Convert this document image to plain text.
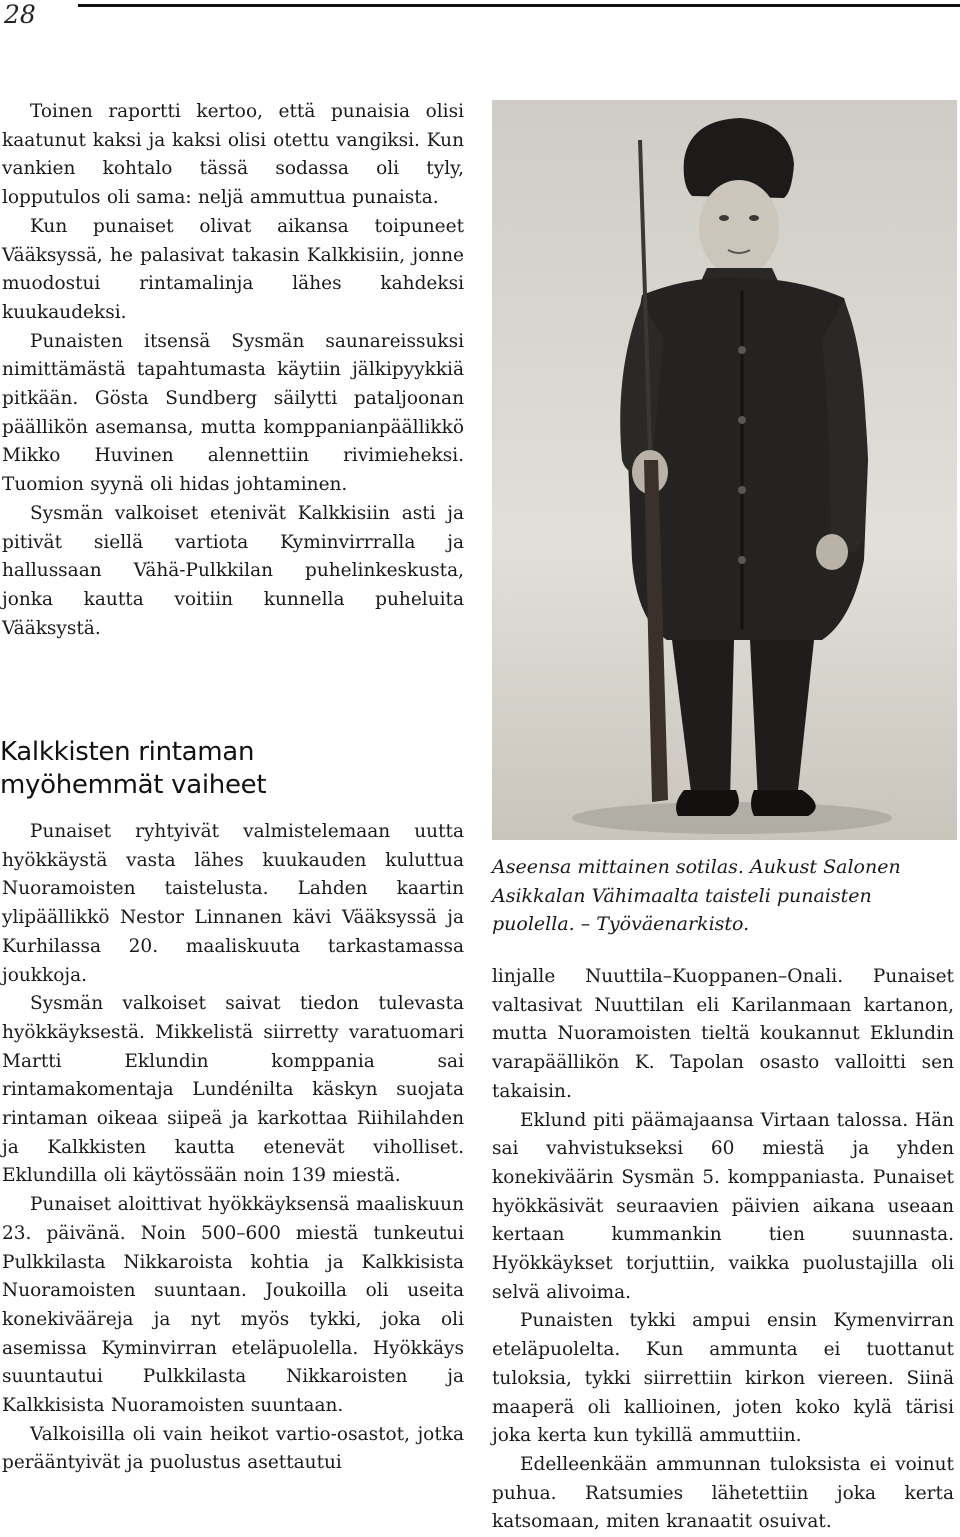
28

Toinen raportti kertoo, että punaisia olisi kaatunut kaksi ja kaksi olisi otettu vangiksi. Kun vankien kohtalo tässä sodassa oli tyly, lopputulos oli sama: neljä ammuttua punaista.

Kun punaiset olivat aikansa toipuneet Vääksyssä, he palasivat takasin Kalkkisiin, jonne muodostui rintamalinja lähes kahdeksi kuukaudeksi.

Punaisten itsensä Sysmän saunareissuksi nimittämästä tapahtumasta käytiin jälkipyykkiä pitkään. Gösta Sundberg säilytti pataljoonan päällikön asemansa, mutta komppanianpäällikkö Mikko Huvinen alennettiin rivimieheksi. Tuomion syynä oli hidas johtaminen.

Sysmän valkoiset etenivät Kalkkisiin asti ja pitivät siellä vartiota Kyminvirrralla ja hallussaan Vähä-Pulkkilan puhelinkeskusta, jonka kautta voitiin kunnella puheluita Vääksystä.

Kalkkisten rintaman
myöhemmät vaiheet

Punaiset ryhtyivät valmistelemaan uutta hyökkäystä vasta lähes kuukauden kuluttua Nuoramoisten taistelusta. Lahden kaartin ylipäällikkö Nestor Linnanen kävi Vääksyssä ja Kurhilassa 20. maaliskuuta tarkastamassa joukkoja.

Sysmän valkoiset saivat tiedon tulevasta hyökkäyksestä. Mikkelistä siirretty varatuomari Martti Eklundin komppania sai rintamakomentaja Lundénilta käskyn suojata rintaman oikeaa siipeä ja karkottaa Riihilahden ja Kalkkisten kautta etenevät viholliset. Eklundilla oli käytössään noin 139 miestä.

Punaiset aloittivat hyökkäyksensä maaliskuun 23. päivänä. Noin 500–600 miestä tunkeutui Pulkkilasta Nikkaroista kohtia ja Kalkkisista Nuoramoisten suuntaan. Joukoilla oli useita konekivääreja ja nyt myös tykki, joka oli asemissa Kyminvirran eteläpuolella. Hyökkäys suuntautui Pulkkilasta Nikkaroisten ja Kalkkisista Nuoramoisten suuntaan.

Valkoisilla oli vain heikot vartio-osastot, jotka perääntyivät ja puolustus asettautui

Aseensa mittainen sotilas. Aukust Salonen Asikkalan Vähimaalta taisteli punaisten puolella. – Työväenarkisto.

linjalle Nuuttila–Kuoppanen–Onali. Punaiset valtasivat Nuuttilan eli Karilanmaan kartanon, mutta Nuoramoisten tieltä koukannut Eklundin varapäällikön K. Tapolan osasto valloitti sen takaisin.

Eklund piti päämajaansa Virtaan talossa. Hän sai vahvistukseksi 60 miestä ja yhden konekiväärin Sysmän 5. komppaniasta. Punaiset hyökkäsivät seuraavien päivien aikana useaan kertaan kummankin tien suunnasta. Hyökkäykset torjuttiin, vaikka puolustajilla oli selvä alivoima.

Punaisten tykki ampui ensin Kymenvirran eteläpuolelta. Kun ammunta ei tuottanut tuloksia, tykki siirrettiin kirkon viereen. Siinä maaperä oli kallioinen, joten koko kylä tärisi joka kerta kun tykillä ammuttiin.

Edelleenkään ammunnan tuloksista ei voinut puhua. Ratsumies lähetettiin joka kerta katsomaan, miten kranaatit osuivat.
